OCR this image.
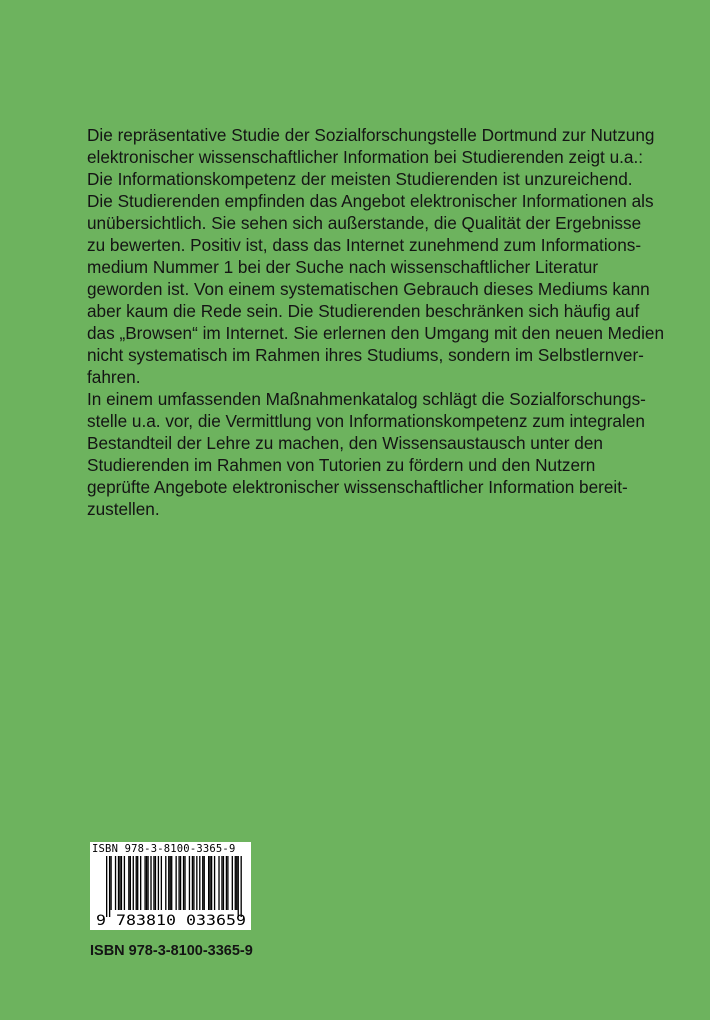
Die repräsentative Studie der Sozialforschungstelle Dortmund zur Nutzung
elektronischer wissenschaftlicher Information bei Studierenden zeigt u.a.:
Die Informationskompetenz der meisten Studierenden ist unzureichend.
Die Studierenden empfinden das Angebot elektronischer Informationen als
unübersichtlich. Sie sehen sich außerstande, die Qualität der Ergebnisse
zu bewerten. Positiv ist, dass das Internet zunehmend zum Informations-
medium Nummer 1 bei der Suche nach wissenschaftlicher Literatur
geworden ist. Von einem systematischen Gebrauch dieses Mediums kann
aber kaum die Rede sein. Die Studierenden beschränken sich häufig auf
das „Browsen“ im Internet. Sie erlernen den Umgang mit den neuen Medien
nicht systematisch im Rahmen ihres Studiums, sondern im Selbstlernver-
fahren.
In einem umfassenden Maßnahmenkatalog schlägt die Sozialforschungs-
stelle u.a. vor, die Vermittlung von Informationskompetenz zum integralen
Bestandteil der Lehre zu machen, den Wissensaustausch unter den
Studierenden im Rahmen von Tutorien zu fördern und den Nutzern
geprüfte Angebote elektronischer wissenschaftlicher Information bereit-
zustellen.
9 783810 033659
ISBN 978-3-8100-3365-9
ISBN 978-3-8100-3365-9
